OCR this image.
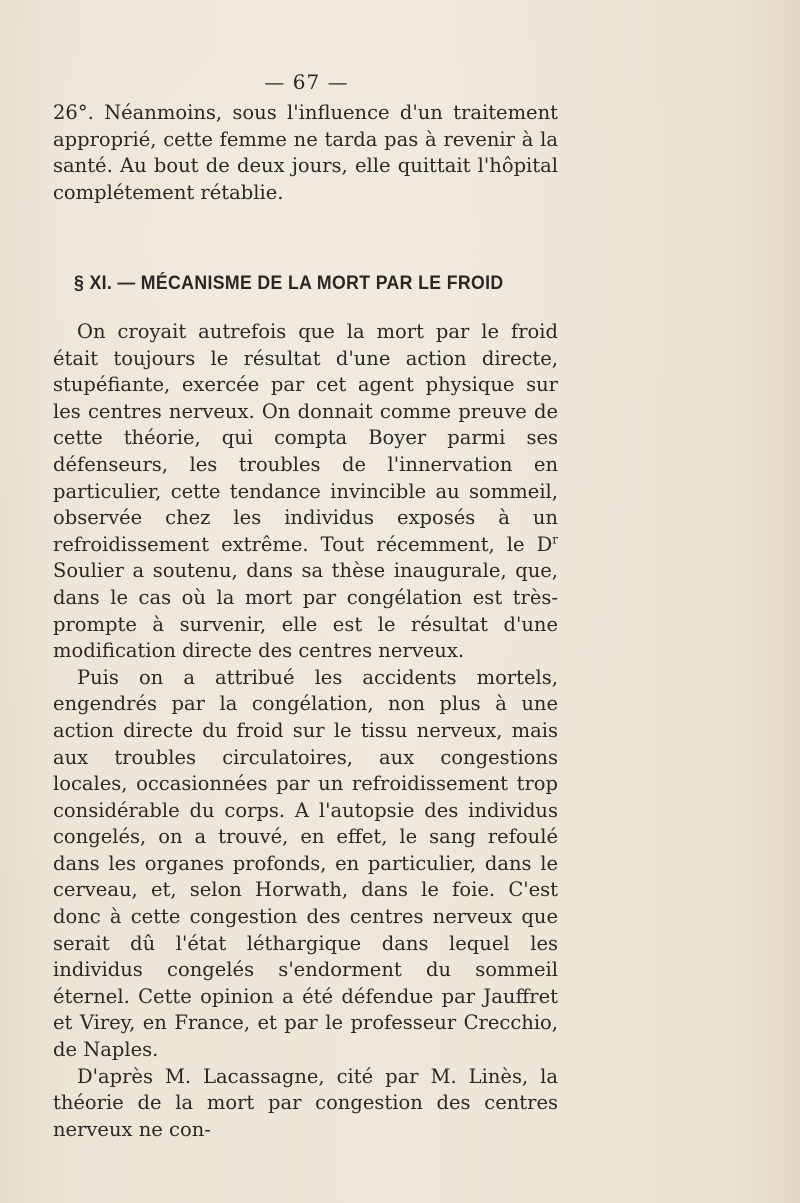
— 67 —

26°. Néanmoins, sous l'influence d'un traitement approprié, cette femme ne tarda pas à revenir à la santé. Au bout de deux jours, elle quittait l'hôpital complétement rétablie.

§ XI. — MÉCANISME DE LA MORT PAR LE FROID

On croyait autrefois que la mort par le froid était toujours le résultat d'une action directe, stupéfiante, exercée par cet agent physique sur les centres nerveux. On donnait comme preuve de cette théorie, qui compta Boyer parmi ses défenseurs, les troubles de l'innervation en particulier, cette tendance invincible au sommeil, observée chez les individus exposés à un refroidissement extrême. Tout récemment, le $D^r$ Soulier a soutenu, dans sa thèse inaugurale, que, dans le cas où la mort par congélation est très-prompte à survenir, elle est le résultat d'une modification directe des centres nerveux.

Puis on a attribué les accidents mortels, engendrés par la congélation, non plus à une action directe du froid sur le tissu nerveux, mais aux troubles circulatoires, aux congestions locales, occasionnées par un refroidissement trop considérable du corps. A l'autopsie des individus congelés, on a trouvé, en effet, le sang refoulé dans les organes profonds, en particulier, dans le cerveau, et, selon Horwath, dans le foie. C'est donc à cette congestion des centres nerveux que serait dû l'état léthargique dans lequel les individus congelés s'endorment du sommeil éternel. Cette opinion a été défendue par Jauffret et Virey, en France, et par le professeur Crecchio, de Naples.

D'après M. Lacassagne, cité par M. Linès, la théorie de la mort par congestion des centres nerveux ne con-
